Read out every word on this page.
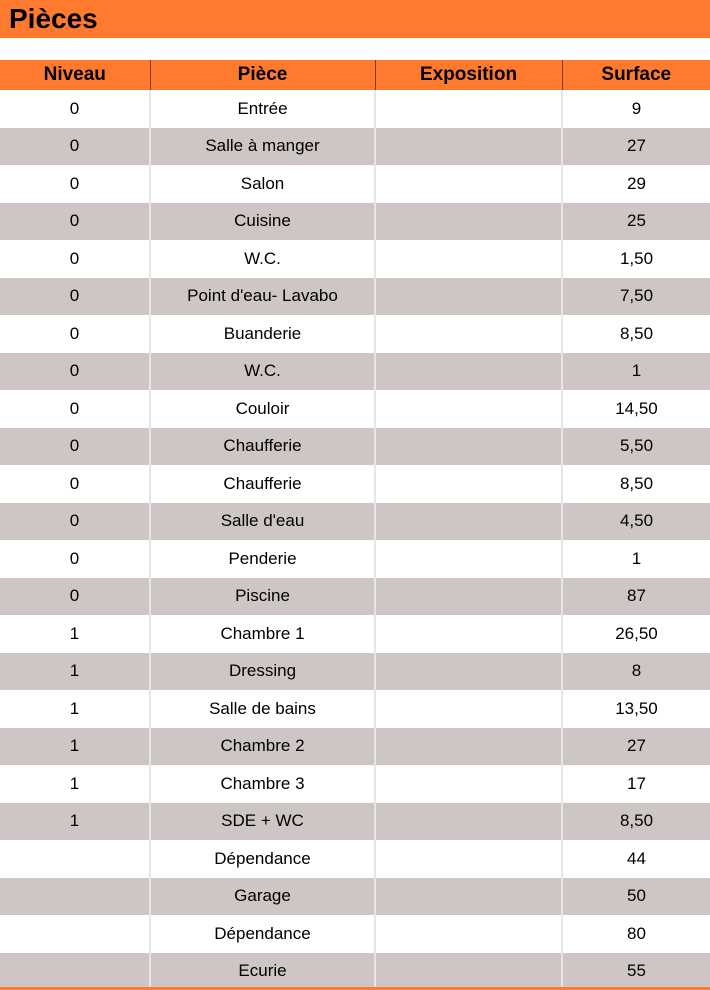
Pièces
Niveau	Pièce	Exposition	Surface
0	Entrée		9
0	Salle à manger		27
0	Salon		29
0	Cuisine		25
0	W.C.		1,50
0	Point d'eau- Lavabo		7,50
0	Buanderie		8,50
0	W.C.		1
0	Couloir		14,50
0	Chaufferie		5,50
0	Chaufferie		8,50
0	Salle d'eau		4,50
0	Penderie		1
0	Piscine		87
1	Chambre 1		26,50
1	Dressing		8
1	Salle de bains		13,50
1	Chambre 2		27
1	Chambre 3		17
1	SDE + WC		8,50
	Dépendance		44
	Garage		50
	Dépendance		80
	Ecurie		55
